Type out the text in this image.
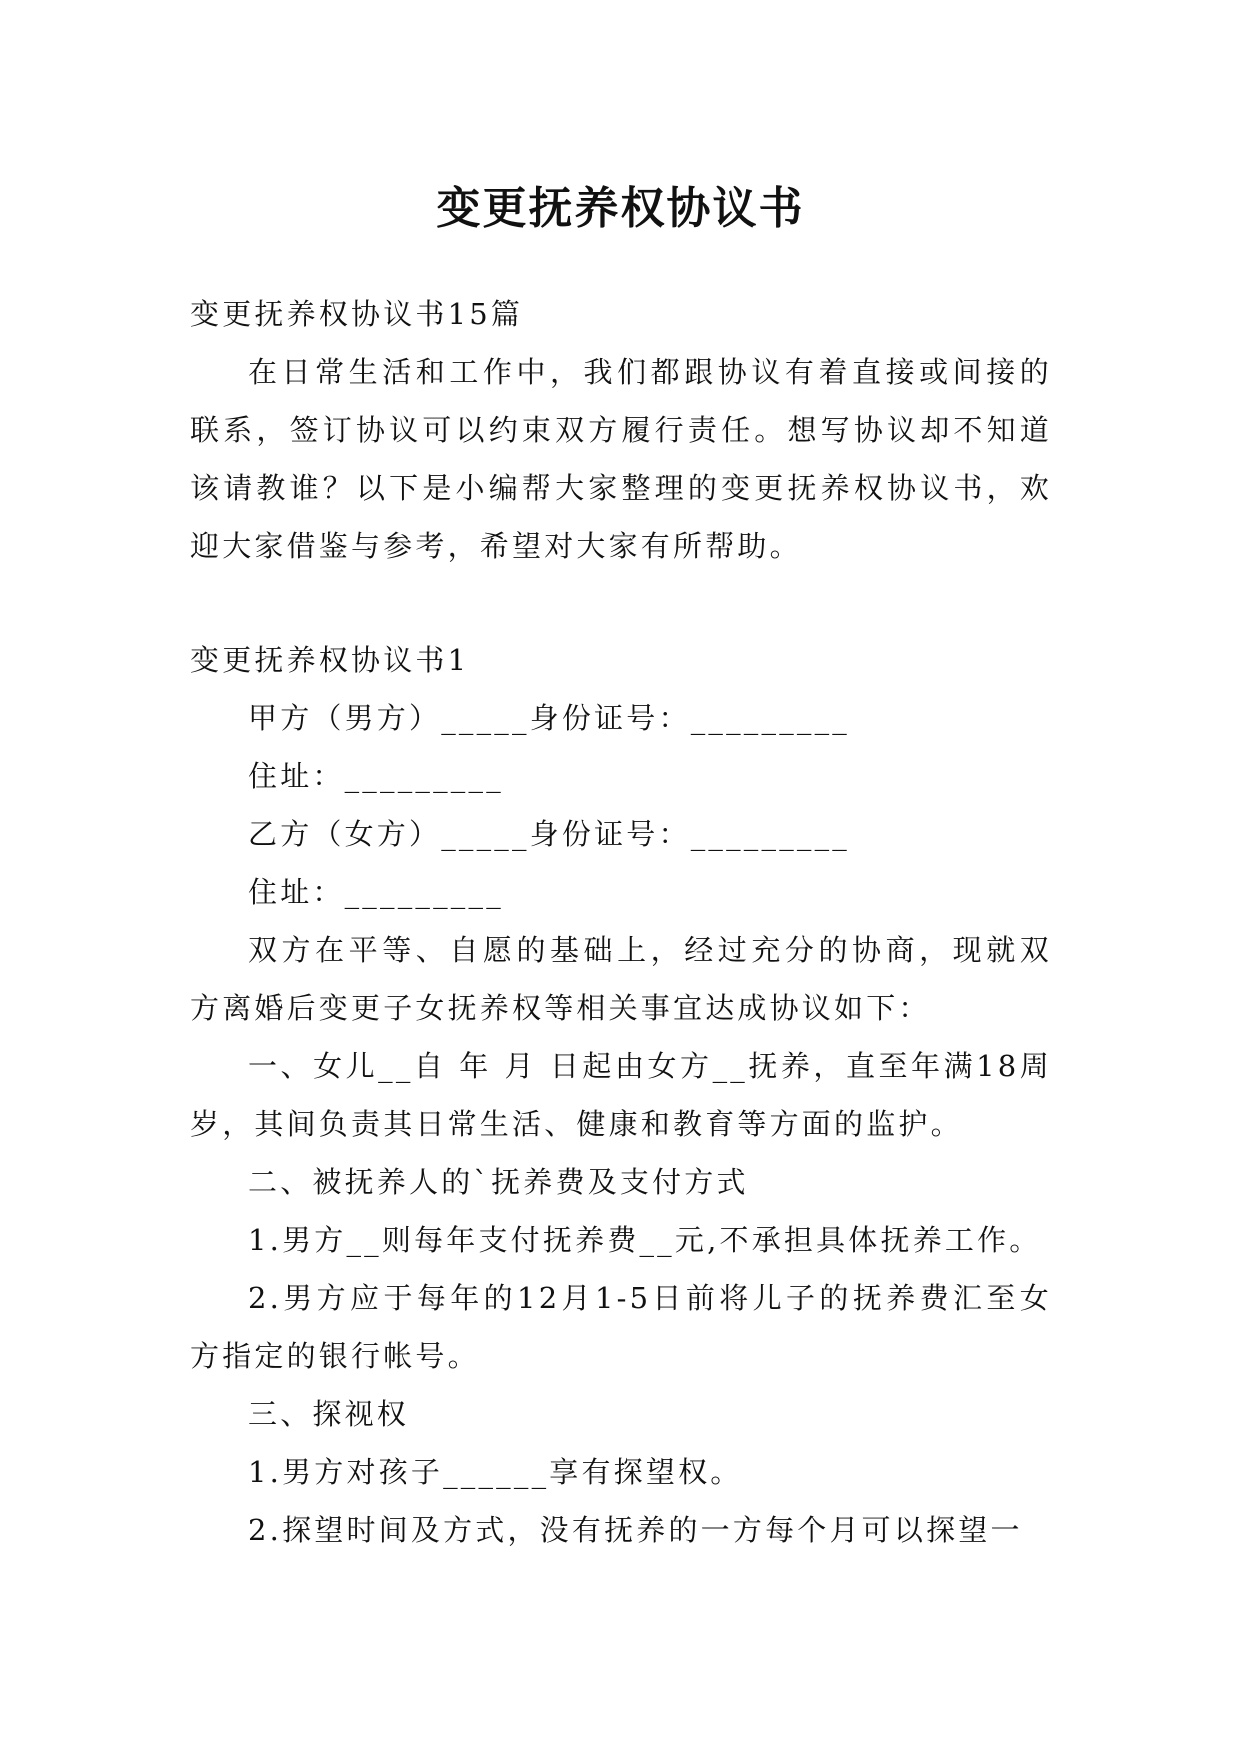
变更抚养权协议书

变更抚养权协议书15篇

在日常生活和工作中，我们都跟协议有着直接或间接的联系，签订协议可以约束双方履行责任。想写协议却不知道该请教谁？以下是小编帮大家整理的变更抚养权协议书，欢迎大家借鉴与参考，希望对大家有所帮助。

变更抚养权协议书1

甲方（男方）_____身份证号：_________

住址：_________

乙方（女方）_____身份证号：_________

住址：_________

双方在平等、自愿的基础上，经过充分的协商，现就双方离婚后变更子女抚养权等相关事宜达成协议如下：

一、女儿__自 年 月 日起由女方__抚养，直至年满18周岁，其间负责其日常生活、健康和教育等方面的监护。

二、被抚养人的`抚养费及支付方式

1.男方__则每年支付抚养费__元,不承担具体抚养工作。

2.男方应于每年的12月1-5日前将儿子的抚养费汇至女方指定的银行帐号。

三、探视权

1.男方对孩子______享有探望权。

2.探望时间及方式，没有抚养的一方每个月可以探望一
